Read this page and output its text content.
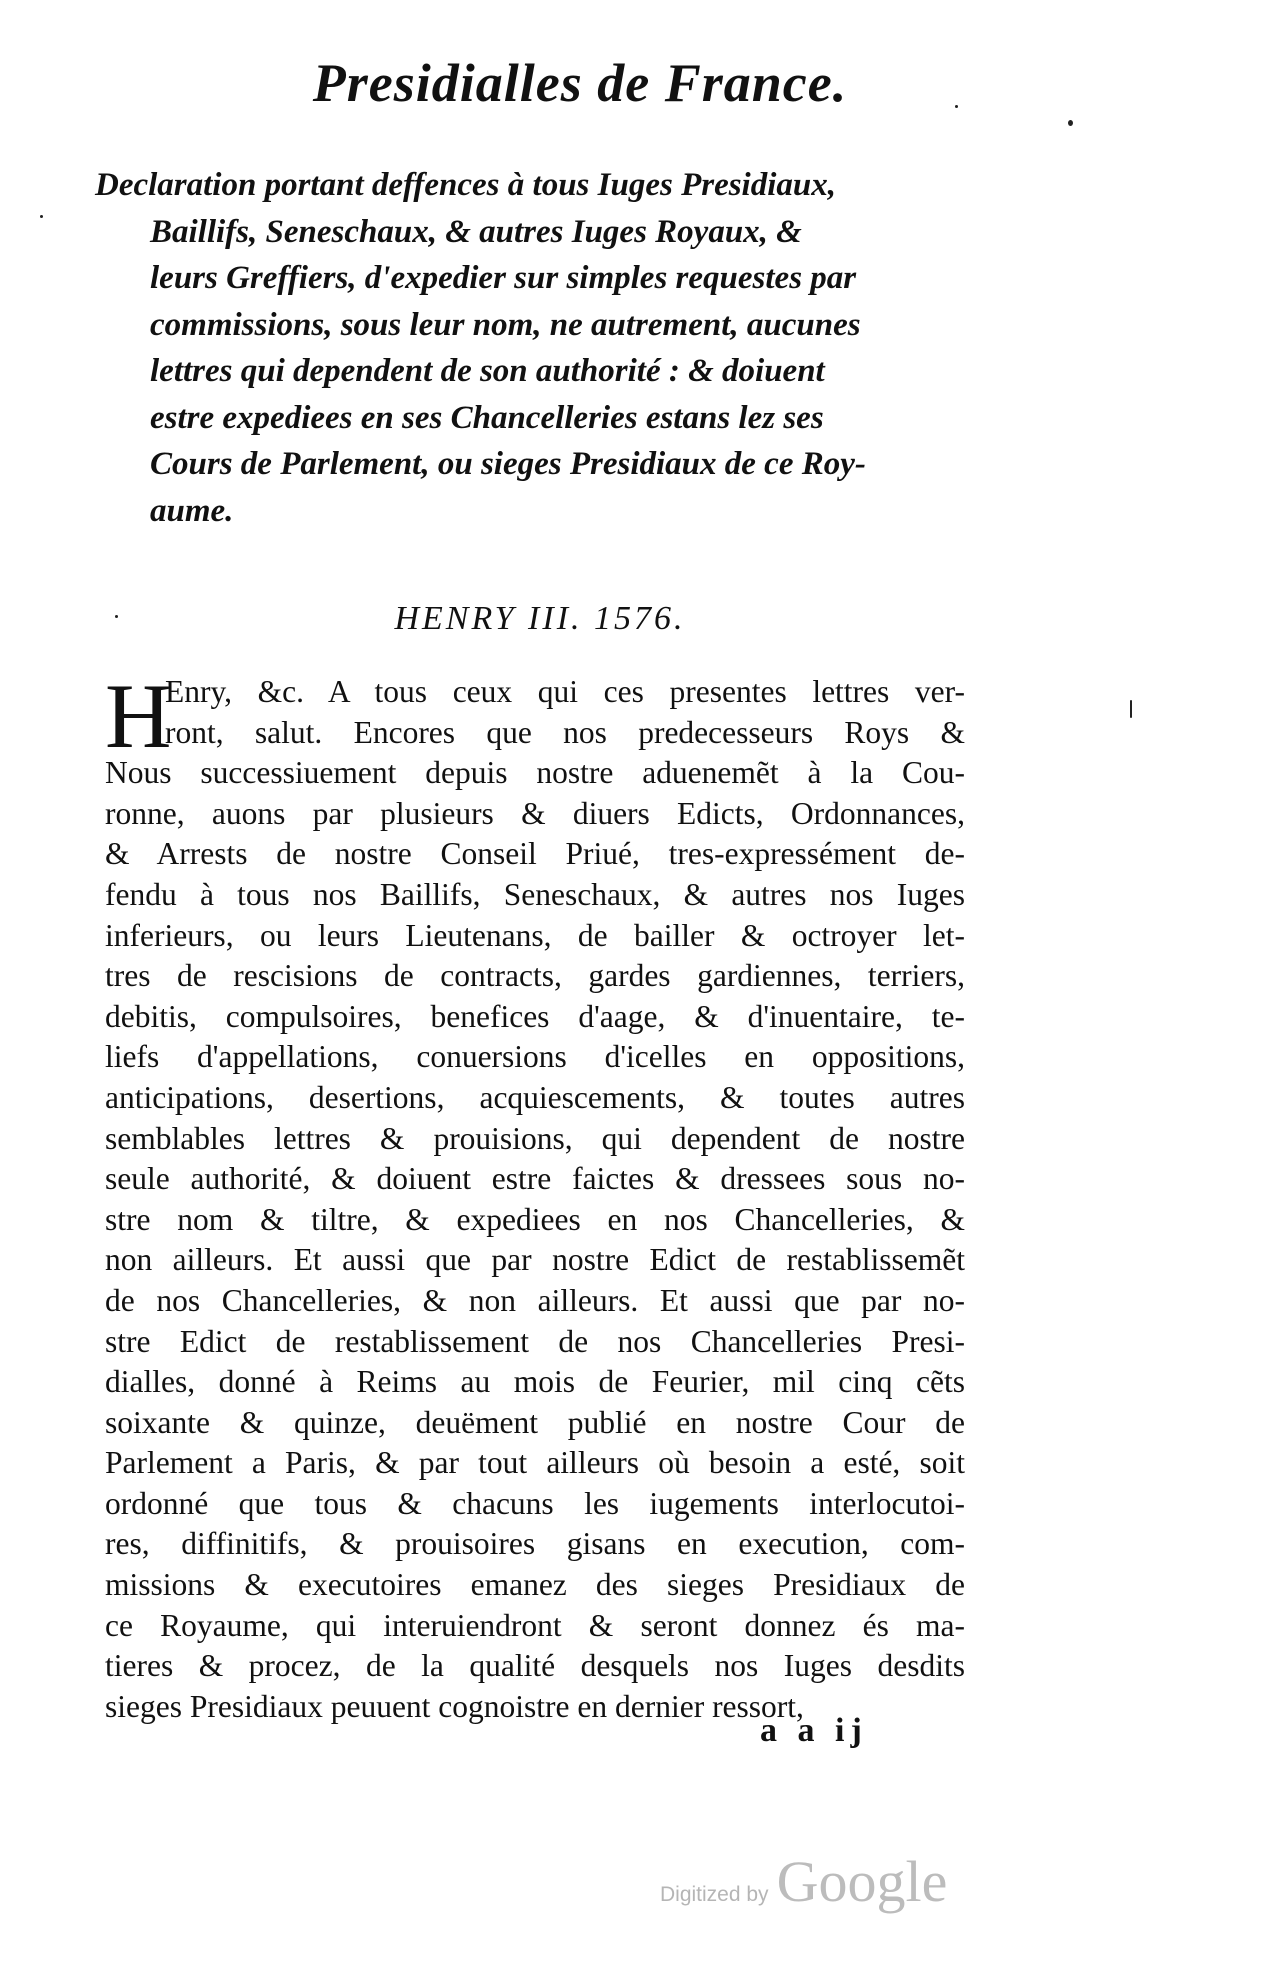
Presidialles de France.
Declaration portant deffences à tous Iuges Presidiaux,
Baillifs, Seneschaux, & autres Iuges Royaux, &
leurs Greffiers, d'expedier sur simples requestes par
commissions, sous leur nom, ne autrement, aucunes
lettres qui dependent de son authorité : & doiuent
estre expediees en ses Chancelleries estans lez ses
Cours de Parlement, ou sieges Presidiaux de ce Roy-
aume.
HENRY III. 1576.
H
Enry, &c. A tous ceux qui ces presentes lettres ver-
ront, salut. Encores que nos predecesseurs Roys &
Nous successiuement depuis nostre aduenemẽt à la Cou-
ronne, auons par plusieurs & diuers Edicts, Ordonnances,
& Arrests de nostre Conseil Priué, tres-expressément de-
fendu à tous nos Baillifs, Seneschaux, & autres nos Iuges
inferieurs, ou leurs Lieutenans, de bailler & octroyer let-
tres de rescisions de contracts, gardes gardiennes, terriers,
debitis, compulsoires, benefices d'aage, & d'inuentaire, te-
liefs d'appellations, conuersions d'icelles en oppositions,
anticipations, desertions, acquiescements, & toutes autres
semblables lettres & prouisions, qui dependent de nostre
seule authorité, & doiuent estre faictes & dressees sous no-
stre nom & tiltre, & expediees en nos Chancelleries, &
non ailleurs. Et aussi que par nostre Edict de restablissemẽt
de nos Chancelleries, & non ailleurs. Et aussi que par no-
stre Edict de restablissement de nos Chancelleries Presi-
dialles, donné à Reims au mois de Feurier, mil cinq cẽts
soixante & quinze, deuëment publié en nostre Cour de
Parlement a Paris, & par tout ailleurs où besoin a esté, soit
ordonné que tous & chacuns les iugements interlocutoi-
res, diffinitifs, & prouisoires gisans en execution, com-
missions & executoires emanez des sieges Presidiaux de
ce Royaume, qui interuiendront & seront donnez és ma-
tieres & procez, de la qualité desquels nos Iuges desdits
sieges Presidiaux peuuent cognoistre en dernier ressort,
a a ij
Digitized by Google
